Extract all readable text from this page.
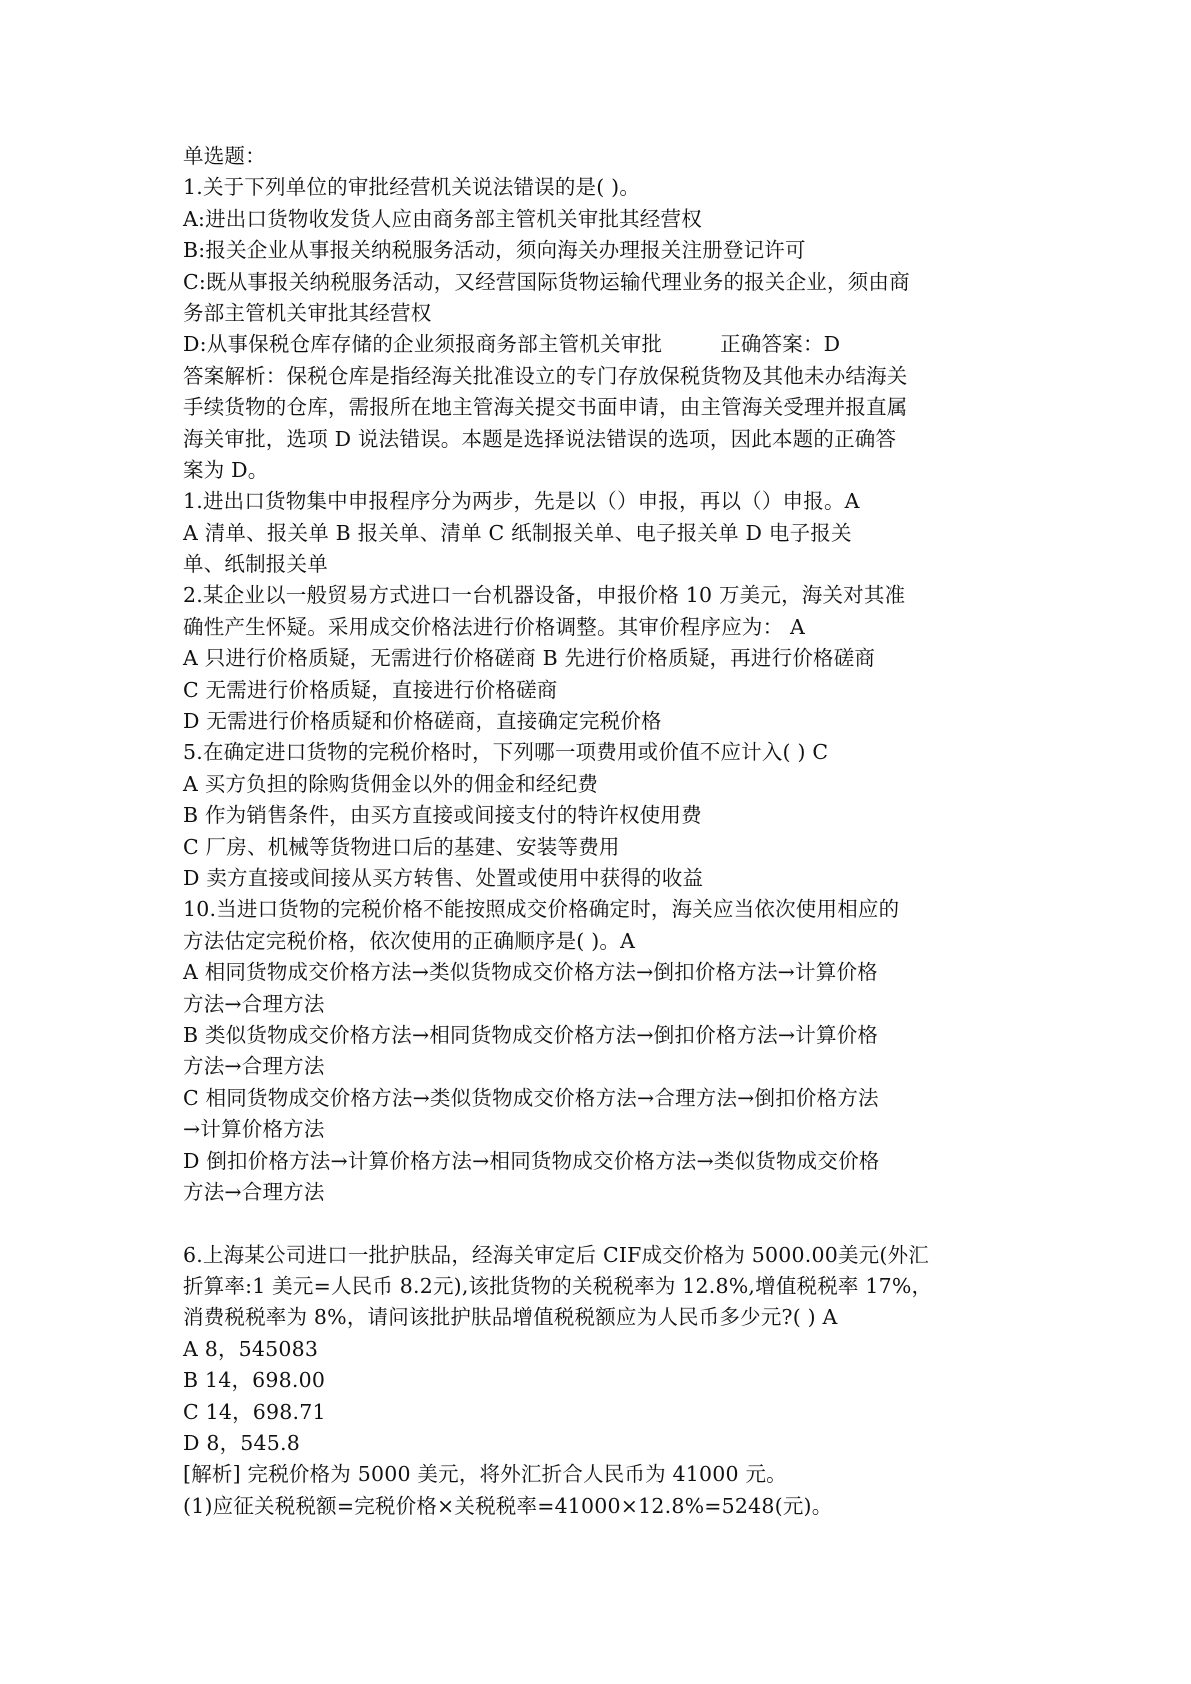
单选题：
1.关于下列单位的审批经营机关说法错误的是( )。
A:进出口货物收发货人应由商务部主管机关审批其经营权
B:报关企业从事报关纳税服务活动，须向海关办理报关注册登记许可
C:既从事报关纳税服务活动，又经营国际货物运输代理业务的报关企业，须由商
务部主管机关审批其经营权
D:从事保税仓库存储的企业须报商务部主管机关审批	正确答案：D
答案解析：保税仓库是指经海关批准设立的专门存放保税货物及其他未办结海关
手续货物的仓库，需报所在地主管海关提交书面申请，由主管海关受理并报直属
海关审批，选项 D 说法错误。本题是选择说法错误的选项，因此本题的正确答
案为 D。
1.进出口货物集中申报程序分为两步，先是以（）申报，再以（）申报。A
A 清单、报关单 B 报关单、清单 C 纸制报关单、电子报关单 D 电子报关
单、纸制报关单
2.某企业以一般贸易方式进口一台机器设备，申报价格 10 万美元，海关对其准
确性产生怀疑。采用成交价格法进行价格调整。其审价程序应为： A
A 只进行价格质疑，无需进行价格磋商 B 先进行价格质疑，再进行价格磋商
C 无需进行价格质疑，直接进行价格磋商
D 无需进行价格质疑和价格磋商，直接确定完税价格
5.在确定进口货物的完税价格时，下列哪一项费用或价值不应计入( ) C
A 买方负担的除购货佣金以外的佣金和经纪费
B 作为销售条件，由买方直接或间接支付的特许权使用费
C 厂房、机械等货物进口后的基建、安装等费用
D 卖方直接或间接从买方转售、处置或使用中获得的收益
10.当进口货物的完税价格不能按照成交价格确定时，海关应当依次使用相应的
方法估定完税价格，依次使用的正确顺序是( )。A
A 相同货物成交价格方法→类似货物成交价格方法→倒扣价格方法→计算价格
方法→合理方法
B 类似货物成交价格方法→相同货物成交价格方法→倒扣价格方法→计算价格
方法→合理方法
C 相同货物成交价格方法→类似货物成交价格方法→合理方法→倒扣价格方法
→计算价格方法
D 倒扣价格方法→计算价格方法→相同货物成交价格方法→类似货物成交价格
方法→合理方法
6.上海某公司进口一批护肤品，经海关审定后 CIF成交价格为 5000.00美元(外汇
折算率:1 美元=人民币 8.2元),该批货物的关税税率为 12.8%,增值税税率 17%，
消费税税率为 8%，请问该批护肤品增值税税额应为人民币多少元?( ) A
A 8，545083
B 14，698.00
C 14，698.71
D 8，545.8
[解析] 完税价格为 5000 美元，将外汇折合人民币为 41000 元。
(1)应征关税税额=完税价格×关税税率=41000×12.8%=5248(元)。
